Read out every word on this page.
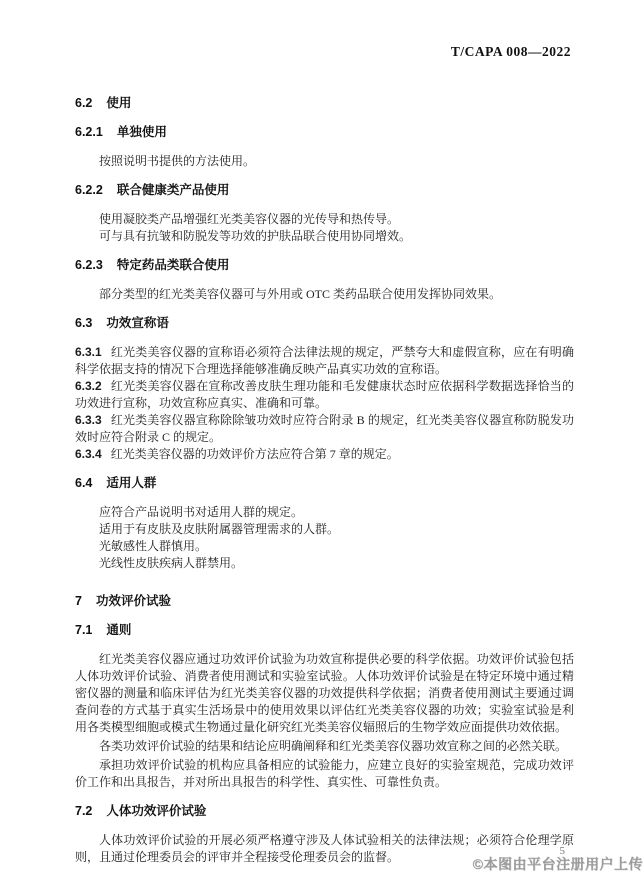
T/CAPA 008—2022
6.2 使用
6.2.1 单独使用

按照说明书提供的方法使用。

6.2.2 联合健康类产品使用

使用凝胶类产品增强红光类美容仪器的光传导和热传导。

可与具有抗皱和防脱发等功效的护肤品联合使用协同增效。

6.2.3 特定药品类联合使用

部分类型的红光类美容仪器可与外用或 OTC 类药品联合使用发挥协同效果。

6.3 功效宣称语

6.3.1 红光类美容仪器的宣称语必须符合法律法规的规定，严禁夸大和虚假宣称，应在有明确科学依据支持的情况下合理选择能够准确反映产品真实功效的宣称语。

6.3.2 红光类美容仪器在宣称改善皮肤生理功能和毛发健康状态时应依据科学数据选择恰当的功效进行宣称，功效宣称应真实、准确和可靠。

6.3.3 红光类美容仪器宣称除除皱功效时应符合附录 B 的规定，红光类美容仪器宣称防脱发功效时应符合附录 C 的规定。

6.3.4 红光类美容仪器的功效评价方法应符合第 7 章的规定。

6.4 适用人群

应符合产品说明书对适用人群的规定。

适用于有皮肤及皮肤附属器管理需求的人群。

光敏感性人群慎用。

光线性皮肤疾病人群禁用。

7 功效评价试验
7.1 通则

红光类美容仪器应通过功效评价试验为功效宣称提供必要的科学依据。功效评价试验包括人体功效评价试验、消费者使用测试和实验室试验。人体功效评价试验是在特定环境中通过精密仪器的测量和临床评估为红光类美容仪器的功效提供科学依据；消费者使用测试主要通过调查问卷的方式基于真实生活场景中的使用效果以评估红光类美容仪器的功效；实验室试验是利用各类模型细胞或模式生物通过量化研究红光类美容仪辐照后的生物学效应面提供功效依据。

各类功效评价试验的结果和结论应明确阐释和红光类美容仪器功效宣称之间的必然关联。

承担功效评价试验的机构应具备相应的试验能力，应建立良好的实验室规范，完成功效评价工作和出具报告，并对所出具报告的科学性、真实性、可靠性负责。

7.2 人体功效评价试验

人体功效评价试验的开展必须严格遵守涉及人体试验相关的法律法规；必须符合伦理学原则，且通过伦理委员会的评审并全程接受伦理委员会的监督。	5
©本图由平台注册用户上传
